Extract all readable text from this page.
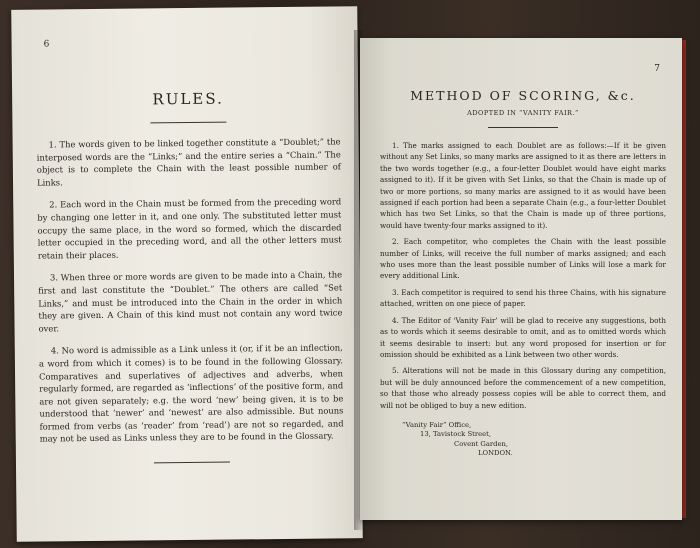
6
RULES.

1. The words given to be linked together constitute a “Doublet;” the interposed words are the “Links;” and the entire series a “Chain.” The object is to complete the Chain with the least possible number of Links.

2. Each word in the Chain must be formed from the preceding word by changing one letter in it, and one only. The substituted letter must occupy the same place, in the word so formed, which the discarded letter occupied in the preceding word, and all the other letters must retain their places.

3. When three or more words are given to be made into a Chain, the first and last constitute the “Doublet.” The others are called “Set Links,” and must be introduced into the Chain in the order in which they are given. A Chain of this kind must not contain any word twice over.

4. No word is admissible as a Link unless it (or, if it be an inflection, a word from which it comes) is to be found in the following Glossary. Comparatives and superlatives of adjectives and adverbs, when regularly formed, are regarded as ‘inflections’ of the positive form, and are not given separately; e.g. the word ‘new’ being given, it is to be understood that ‘newer’ and ‘newest’ are also admissible. But nouns formed from verbs (as ‘reader’ from ‘read’) are not so regarded, and may not be used as Links unless they are to be found in the Glossary.

7
METHOD OF SCORING, &c.
ADOPTED IN “VANITY FAIR.”

1. The marks assigned to each Doublet are as follows:—If it be given without any Set Links, so many marks are assigned to it as there are letters in the two words together (e.g., a four-letter Doublet would have eight marks assigned to it). If it be given with Set Links, so that the Chain is made up of two or more portions, so many marks are assigned to it as would have been assigned if each portion had been a separate Chain (e.g., a four-letter Doublet which has two Set Links, so that the Chain is made up of three portions, would have twenty-four marks assigned to it).

2. Each competitor, who completes the Chain with the least possible number of Links, will receive the full number of marks assigned; and each who uses more than the least possible number of Links will lose a mark for every additional Link.

3. Each competitor is required to send his three Chains, with his signature attached, written on one piece of paper.

4. The Editor of ‘Vanity Fair’ will be glad to receive any suggestions, both as to words which it seems desirable to omit, and as to omitted words which it seems desirable to insert: but any word proposed for insertion or for omission should be exhibited as a Link between two other words.

5. Alterations will not be made in this Glossary during any competition, but will be duly announced before the commencement of a new competition, so that those who already possess copies will be able to correct them, and will not be obliged to buy a new edition.

“Vanity Fair” Office,
13, Tavistock Street,
Covent Garden,
LONDON.
